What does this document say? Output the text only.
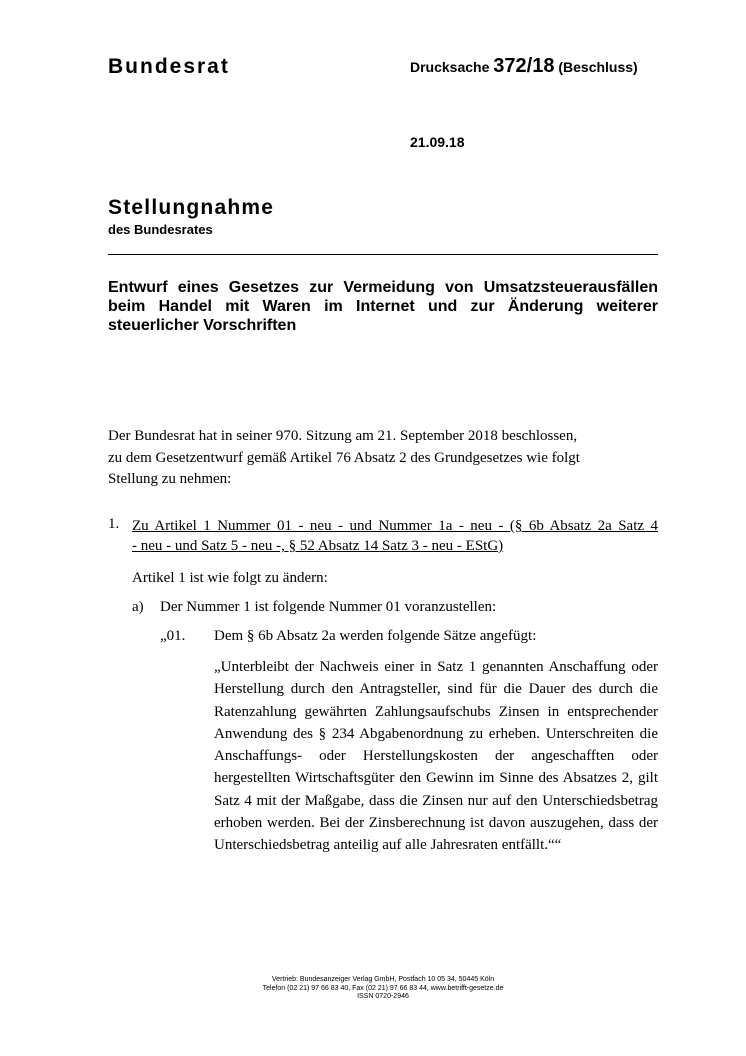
Bundesrat	Drucksache 372/18 (Beschluss)
21.09.18
Stellungnahme
des Bundesrates
Entwurf eines Gesetzes zur Vermeidung von Umsatzsteuerausfällen beim Handel mit Waren im Internet und zur Änderung weiterer steuerlicher Vorschriften
Der Bundesrat hat in seiner 970. Sitzung am 21. September 2018 beschlossen,
zu dem Gesetzentwurf gemäß Artikel 76 Absatz 2 des Grundgesetzes wie folgt
Stellung zu nehmen:
1. Zu Artikel 1 Nummer 01 - neu - und Nummer 1a - neu - (§ 6b Absatz 2a Satz 4
- neu - und Satz 5 - neu -, § 52 Absatz 14 Satz 3 - neu - EStG)
Artikel 1 ist wie folgt zu ändern:
a) Der Nummer 1 ist folgende Nummer 01 voranzustellen:
„01. Dem § 6b Absatz 2a werden folgende Sätze angefügt:
„Unterbleibt der Nachweis einer in Satz 1 genannten Anschaffung oder Herstellung durch den Antragsteller, sind für die Dauer des durch die Ratenzahlung gewährten Zahlungsaufschubs Zinsen in entsprechender Anwendung des § 234 Abgabenordnung zu erheben. Unterschreiten die Anschaffungs- oder Herstellungskosten der angeschafften oder hergestellten Wirtschaftsgüter den Gewinn im Sinne des Absatzes 2, gilt Satz 4 mit der Maßgabe, dass die Zinsen nur auf den Unterschiedsbetrag erhoben werden. Bei der Zinsberechnung ist davon auszugehen, dass der Unterschiedsbetrag anteilig auf alle Jahresraten entfällt.““
Vertrieb: Bundesanzeiger Verlag GmbH, Postfach 10 05 34, 50445 Köln
Telefon (02 21) 97 66 83 40, Fax (02 21) 97 66 83 44, www.betrifft-gesetze.de
ISSN 0720-2946
